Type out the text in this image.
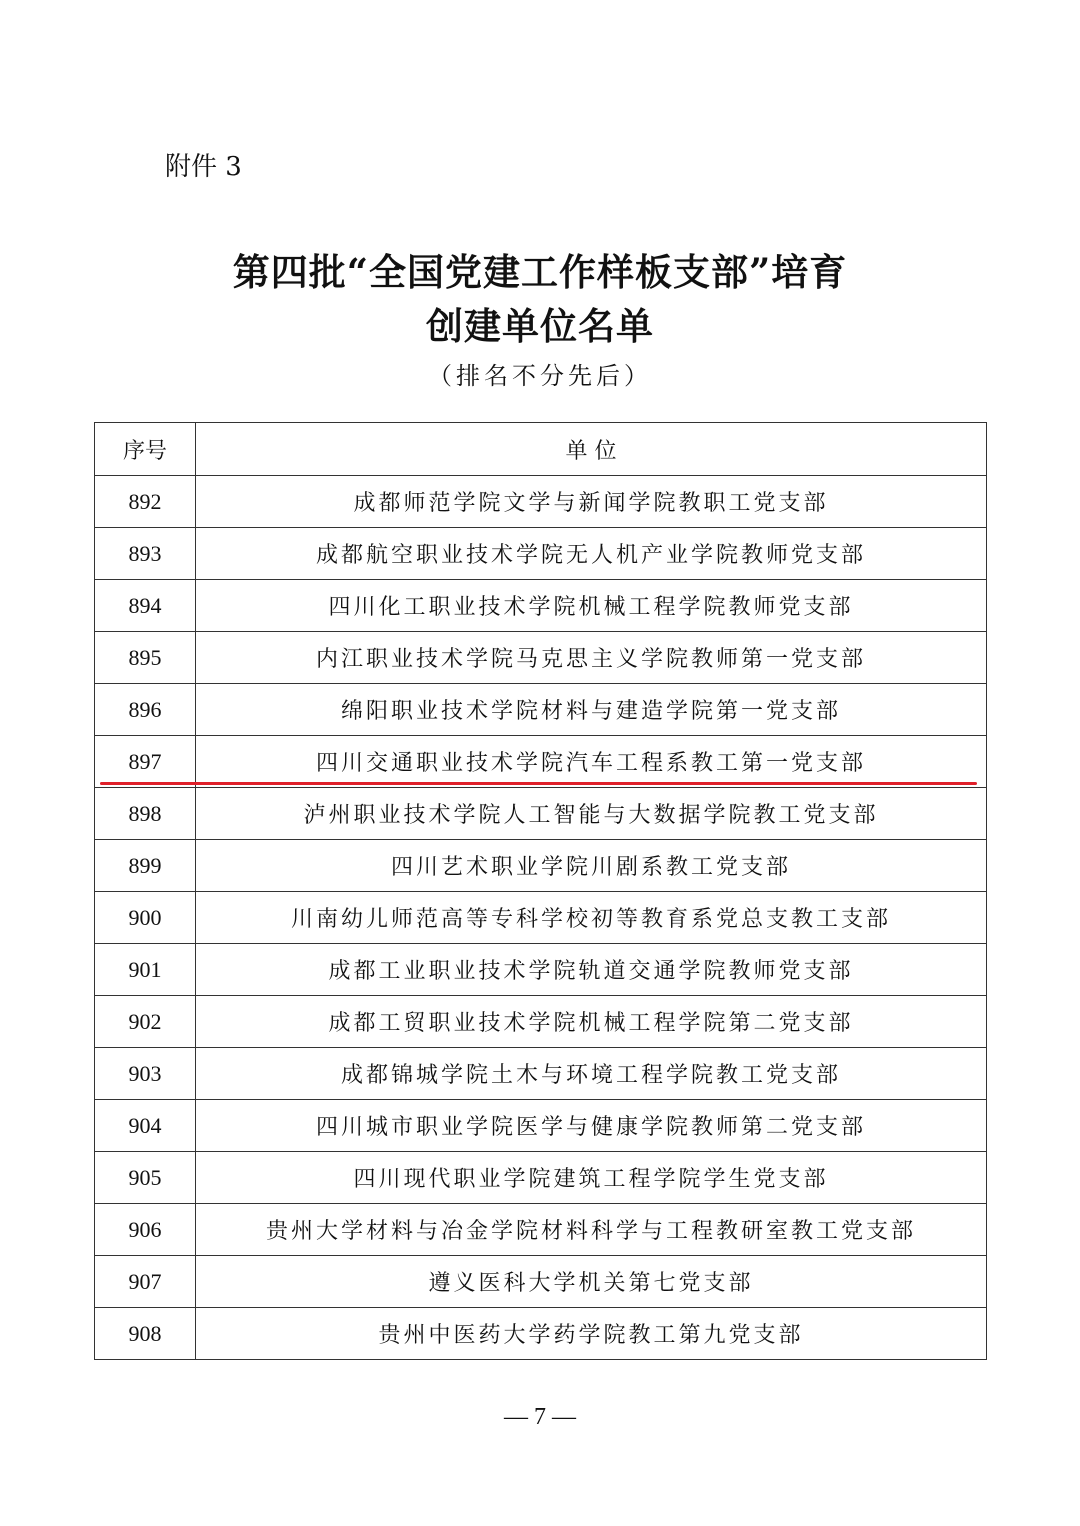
附件 3
第四批“全国党建工作样板支部”培育
创建单位名单
（排名不分先后）
序号	单 位
892	成都师范学院文学与新闻学院教职工党支部
893	成都航空职业技术学院无人机产业学院教师党支部
894	四川化工职业技术学院机械工程学院教师党支部
895	内江职业技术学院马克思主义学院教师第一党支部
896	绵阳职业技术学院材料与建造学院第一党支部
897	四川交通职业技术学院汽车工程系教工第一党支部
898	泸州职业技术学院人工智能与大数据学院教工党支部
899	四川艺术职业学院川剧系教工党支部
900	川南幼儿师范高等专科学校初等教育系党总支教工支部
901	成都工业职业技术学院轨道交通学院教师党支部
902	成都工贸职业技术学院机械工程学院第二党支部
903	成都锦城学院土木与环境工程学院教工党支部
904	四川城市职业学院医学与健康学院教师第二党支部
905	四川现代职业学院建筑工程学院学生党支部
906	贵州大学材料与冶金学院材料科学与工程教研室教工党支部
907	遵义医科大学机关第七党支部
908	贵州中医药大学药学院教工第九党支部
— 7 —
